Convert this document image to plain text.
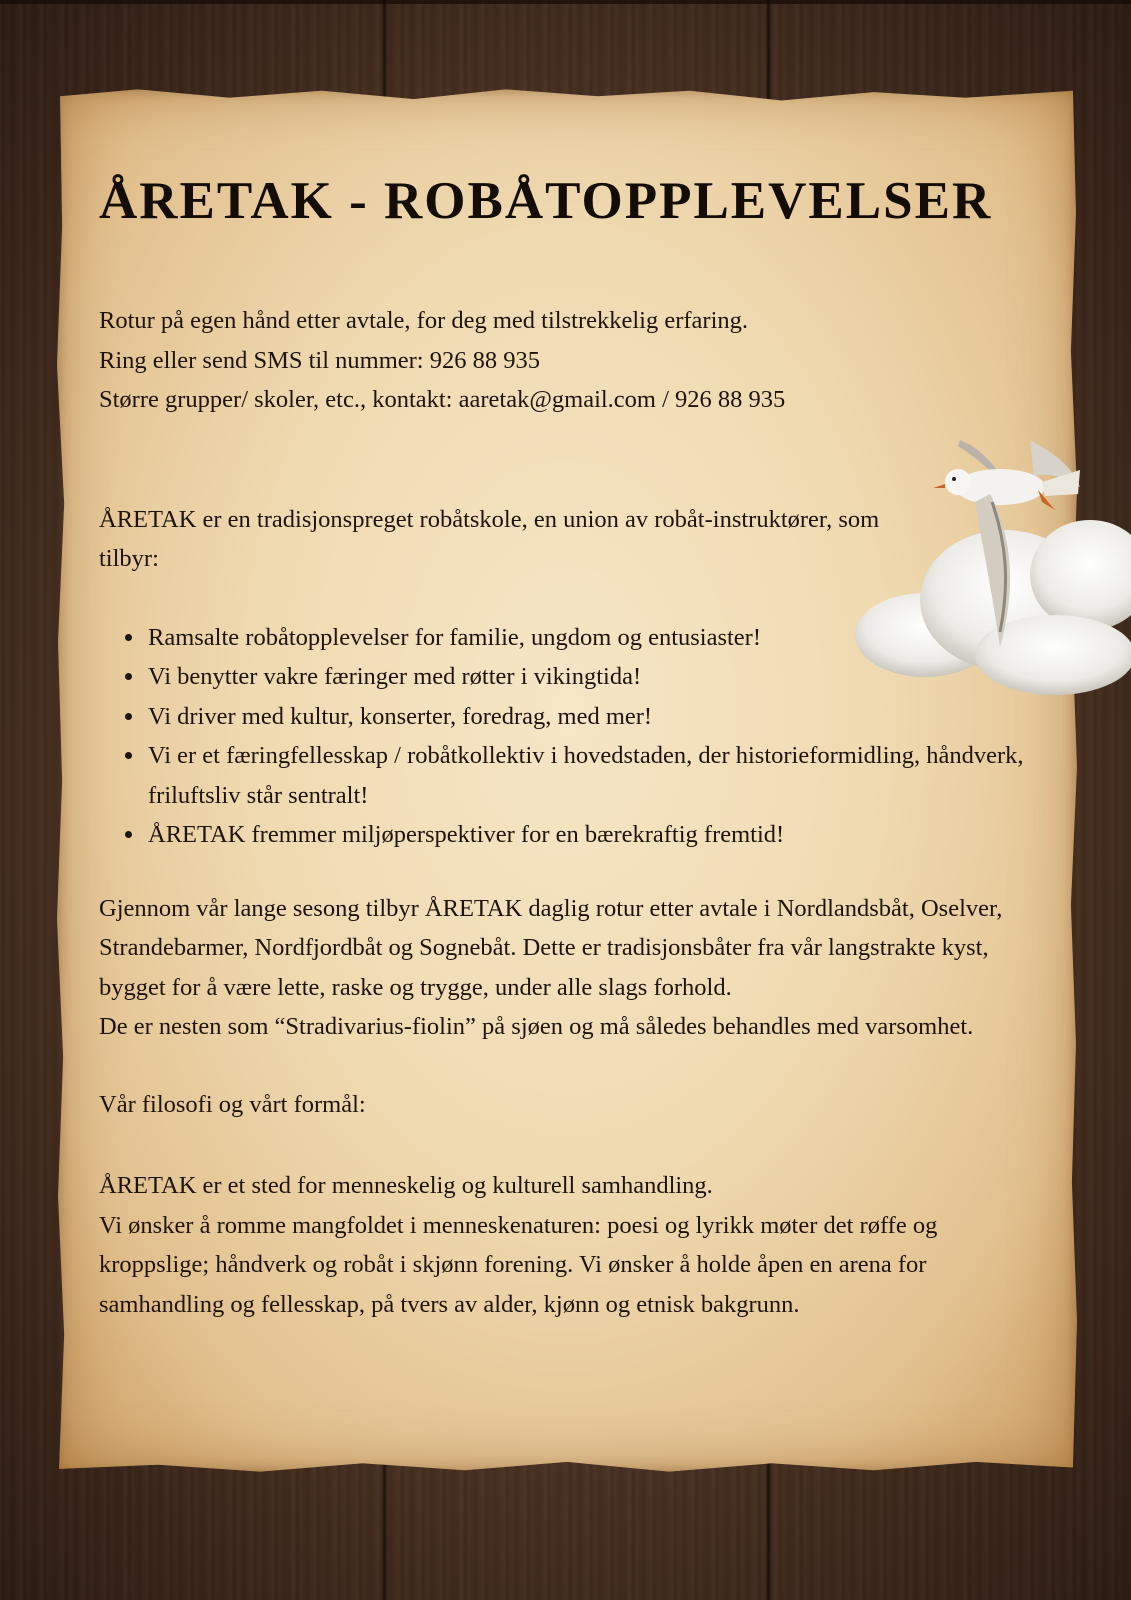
ÅRETAK - ROBÅTOPPLEVELSER

Rotur på egen hånd etter avtale, for deg med tilstrekkelig erfaring.

Ring eller send SMS til nummer: 926 88 935

Større grupper/ skoler, etc., kontakt: aaretak@gmail.com / 926 88 935

ÅRETAK er en tradisjonspreget robåtskole, en union av robåt-instruktører, som tilbyr:

• Ramsalte robåtopplevelser for familie, ungdom og entusiaster!
• Vi benytter vakre færinger med røtter i vikingtida!
• Vi driver med kultur, konserter, foredrag, med mer!
• Vi er et færingfellesskap / robåtkollektiv i hovedstaden, der historieformidling, håndverk, friluftsliv står sentralt!
• ÅRETAK fremmer miljøperspektiver for en bærekraftig fremtid!

Gjennom vår lange sesong tilbyr ÅRETAK daglig rotur etter avtale i Nordlandsbåt, Oselver, Strandebarmer, Nordfjordbåt og Sognebåt. Dette er tradisjonsbåter fra vår langstrakte kyst, bygget for å være lette, raske og trygge, under alle slags forhold.

De er nesten som “Stradivarius-fiolin” på sjøen og må således behandles med varsomhet.

Vår filosofi og vårt formål:

ÅRETAK er et sted for menneskelig og kulturell samhandling.

Vi ønsker å romme mangfoldet i menneskenaturen: poesi og lyrikk møter det røffe og kroppslige; håndverk og robåt i skjønn forening. Vi ønsker å holde åpen en arena for samhandling og fellesskap, på tvers av alder, kjønn og etnisk bakgrunn.
